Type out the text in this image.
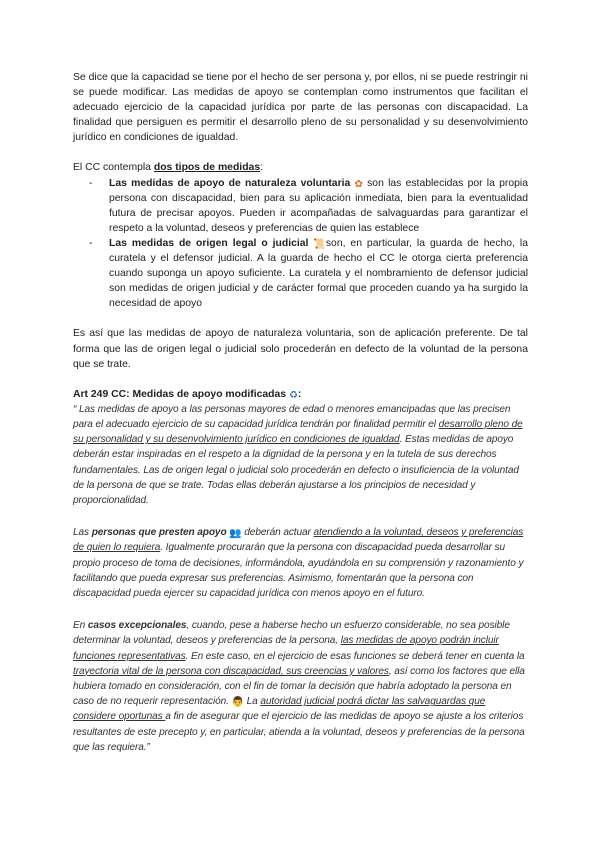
Se dice que la capacidad se tiene por el hecho de ser persona y, por ellos, ni se puede restringir ni se puede modificar. Las medidas de apoyo se contemplan como instrumentos que facilitan el adecuado ejercicio de la capacidad jurídica por parte de las personas con discapacidad. La finalidad que persiguen es permitir el desarrollo pleno de su personalidad y su desenvolvimiento jurídico en condiciones de igualdad.

El CC contempla dos tipos de medidas:

- Las medidas de apoyo de naturaleza voluntaria ✿ son las establecidas por la propia persona con discapacidad, bien para su aplicación inmediata, bien para la eventualidad futura de precisar apoyos. Pueden ir acompañadas de salvaguardas para garantizar el respeto a la voluntad, deseos y preferencias de quien las establece
- Las medidas de origen legal o judicial 📜son, en particular, la guarda de hecho, la curatela y el defensor judicial. A la guarda de hecho el CC le otorga cierta preferencia cuando suponga un apoyo suficiente. La curatela y el nombramiento de defensor judicial son medidas de origen judicial y de carácter formal que proceden cuando ya ha surgido la necesidad de apoyo

Es así que las medidas de apoyo de naturaleza voluntaria, son de aplicación preferente. De tal forma que las de origen legal o judicial solo procederán en defecto de la voluntad de la persona que se trate.

Art 249 CC: Medidas de apoyo modificadas ♻:

“ Las medidas de apoyo a las personas mayores de edad o menores emancipadas que las precisen para el adecuado ejercicio de su capacidad jurídica tendrán por finalidad permitir el desarrollo pleno de su personalidad y su desenvolvimiento jurídico en condiciones de igualdad. Estas medidas de apoyo deberán estar inspiradas en el respeto a la dignidad de la persona y en la tutela de sus derechos fundamentales. Las de origen legal o judicial solo procederán en defecto o insuficiencia de la voluntad de la persona de que se trate. Todas ellas deberán ajustarse a los principios de necesidad y proporcionalidad.

Las personas que presten apoyo 👥 deberán actuar atendiendo a la voluntad, deseos y preferencias de quien lo requiera. Igualmente procurarán que la persona con discapacidad pueda desarrollar su propio proceso de toma de decisiones, informándola, ayudándola en su comprensión y razonamiento y facilitando que pueda expresar sus preferencias. Asimismo, fomentarán que la persona con discapacidad pueda ejercer su capacidad jurídica con menos apoyo en el futuro.

En casos excepcionales, cuando, pese a haberse hecho un esfuerzo considerable, no sea posible determinar la voluntad, deseos y preferencias de la persona, las medidas de apoyo podrán incluir funciones representativas. En este caso, en el ejercicio de esas funciones se deberá tener en cuenta la trayectoria vital de la persona con discapacidad, sus creencias y valores, así como los factores que ella hubiera tomado en consideración, con el fin de tomar la decisión que habría adoptado la persona en caso de no requerir representación. 👨 La autoridad judicial podrá dictar las salvaguardas que considere oportunas a fin de asegurar que el ejercicio de las medidas de apoyo se ajuste a los criterios resultantes de este precepto y, en particular, atienda a la voluntad, deseos y preferencias de la persona que las requiera.”
